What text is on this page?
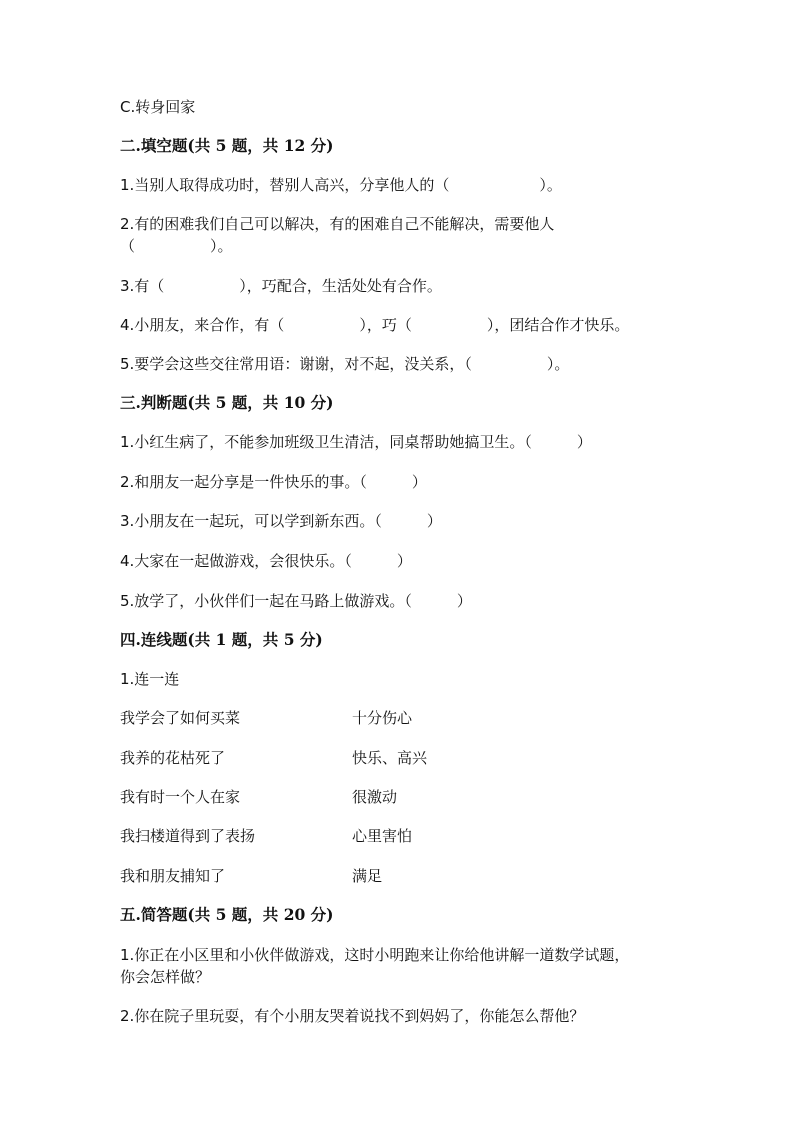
C.转身回家

二.填空题(共 5 题，共 12 分)

1.当别人取得成功时，替别人高兴，分享他人的（　　　　　　）。

2.有的困难我们自己可以解决，有的困难自己不能解决，需要他人

（　　　　　）。

3.有（　　　　　），巧配合，生活处处有合作。

4.小朋友，来合作，有（　　　　　），巧（　　　　　），团结合作才快乐。

5.要学会这些交往常用语：谢谢，对不起，没关系，（　　　　　）。

三.判断题(共 5 题，共 10 分)

1.小红生病了，不能参加班级卫生清洁，同桌帮助她搞卫生。（　　　）

2.和朋友一起分享是一件快乐的事。（　　　）

3.小朋友在一起玩，可以学到新东西。（　　　）

4.大家在一起做游戏，会很快乐。（　　　）

5.放学了，小伙伴们一起在马路上做游戏。（　　　）

四.连线题(共 1 题，共 5 分)

1.连一连

我学会了如何买菜	十分伤心
我养的花枯死了	快乐、高兴
我有时一个人在家	很激动
我扫楼道得到了表扬	心里害怕
我和朋友捕知了	满足

五.简答题(共 5 题，共 20 分)

1.你正在小区里和小伙伴做游戏，这时小明跑来让你给他讲解一道数学试题，

你会怎样做？

2.你在院子里玩耍，有个小朋友哭着说找不到妈妈了，你能怎么帮他？
